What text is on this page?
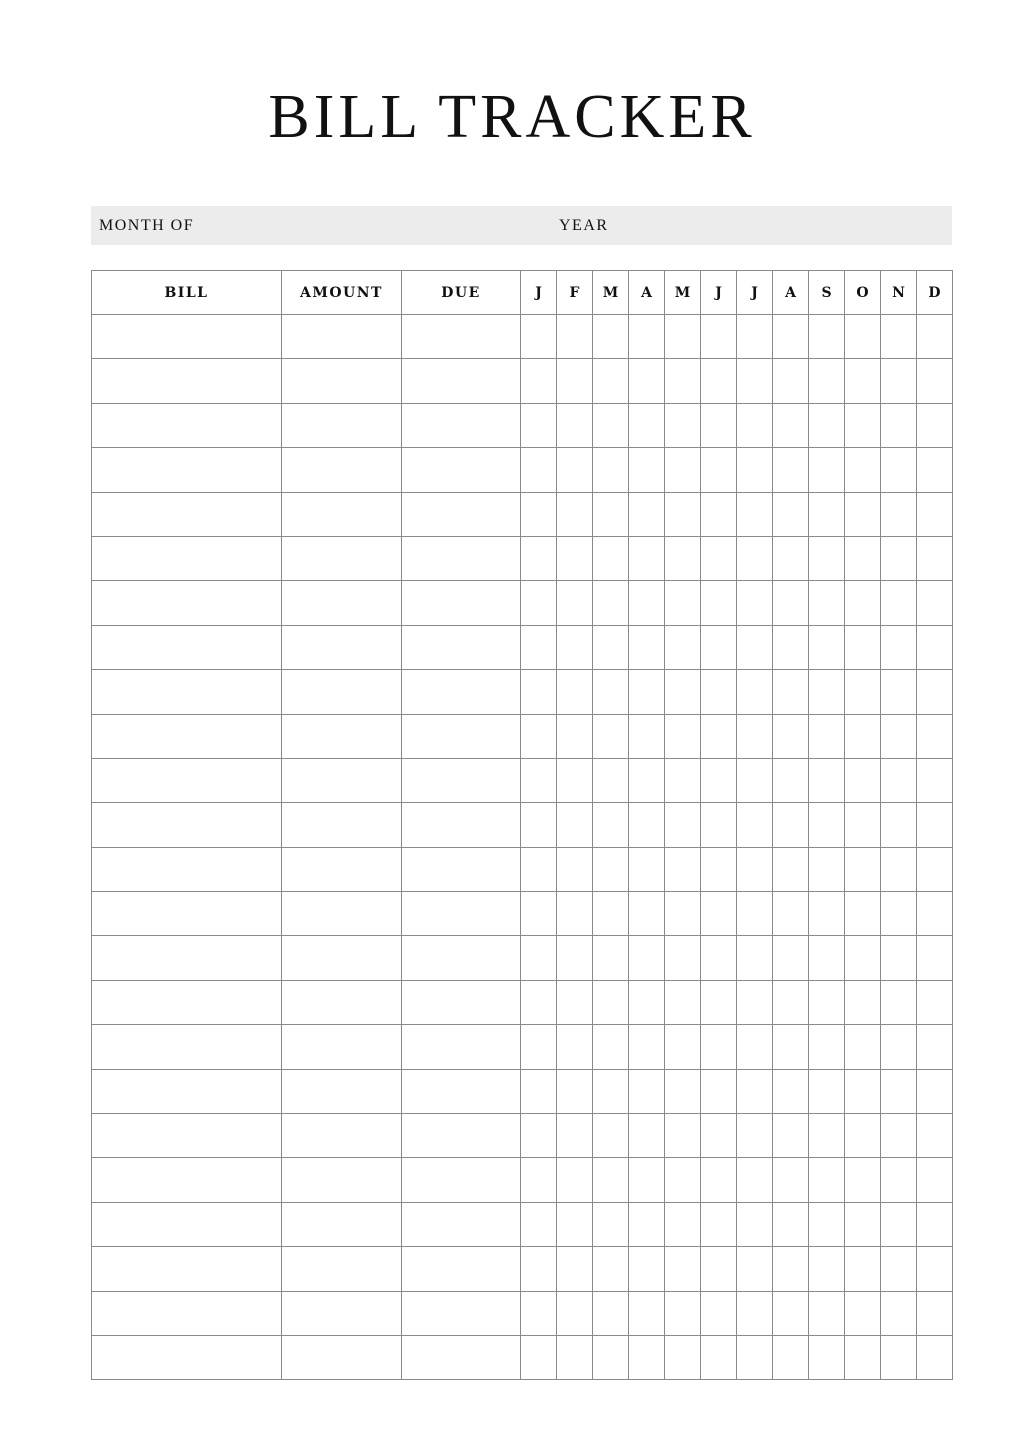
BILL TRACKER
MONTH OF	YEAR
BILL	AMOUNT	DUE	J	F	M	A	M	J	J	A	S	O	N	D
